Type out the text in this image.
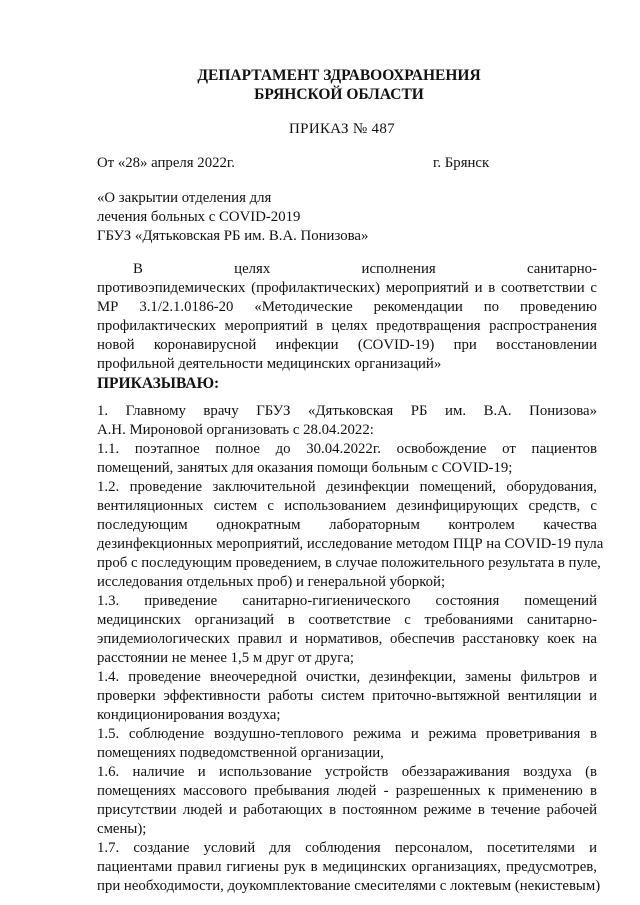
ДЕПАРТАМЕНТ ЗДРАВООХРАНЕНИЯ
БРЯНСКОЙ ОБЛАСТИ
ПРИКАЗ № 487
От «28» апреля 2022г.	г. Брянск
«О закрытии отделения для
лечения больных с COVID-2019
ГБУЗ «Дятьковская РБ им. В.А. Понизова»
В целях исполнения санитарно-
противоэпидемических (профилактических) мероприятий и в соответствии с
МР 3.1/2.1.0186-20 «Методические рекомендации по проведению
профилактических мероприятий в целях предотвращения распространения
новой коронавирусной инфекции (COVID-19) при восстановлении
профильной деятельности медицинских организаций»
ПРИКАЗЫВАЮ:
1. Главному врачу ГБУЗ «Дятьковская РБ им. В.А. Понизова»
А.Н. Мироновой организовать с 28.04.2022:
1.1. поэтапное полное до 30.04.2022г. освобождение от пациентов
помещений, занятых для оказания помощи больным с COVID-19;
1.2. проведение заключительной дезинфекции помещений, оборудования,
вентиляционных систем с использованием дезинфицирующих средств, с
последующим однократным лабораторным контролем качества
дезинфекционных мероприятий, исследование методом ПЦР на COVID-19 пула
проб с последующим проведением, в случае положительного результата в пуле,
исследования отдельных проб) и генеральной уборкой;
1.3. приведение санитарно-гигиенического состояния помещений
медицинских организаций в соответствие с требованиями санитарно-
эпидемиологических правил и нормативов, обеспечив расстановку коек на
расстоянии не менее 1,5 м друг от друга;
1.4. проведение внеочередной очистки, дезинфекции, замены фильтров и
проверки эффективности работы систем приточно-вытяжной вентиляции и
кондиционирования воздуха;
1.5. соблюдение воздушно-теплового режима и режима проветривания в
помещениях подведомственной организации,
1.6. наличие и использование устройств обеззараживания воздуха (в
помещениях массового пребывания людей - разрешенных к применению в
присутствии людей и работающих в постоянном режиме в течение рабочей
смены);
1.7. создание условий для соблюдения персоналом, посетителями и
пациентами правил гигиены рук в медицинских организациях, предусмотрев,
при необходимости, доукомплектование смесителями с локтевым (некистевым)
